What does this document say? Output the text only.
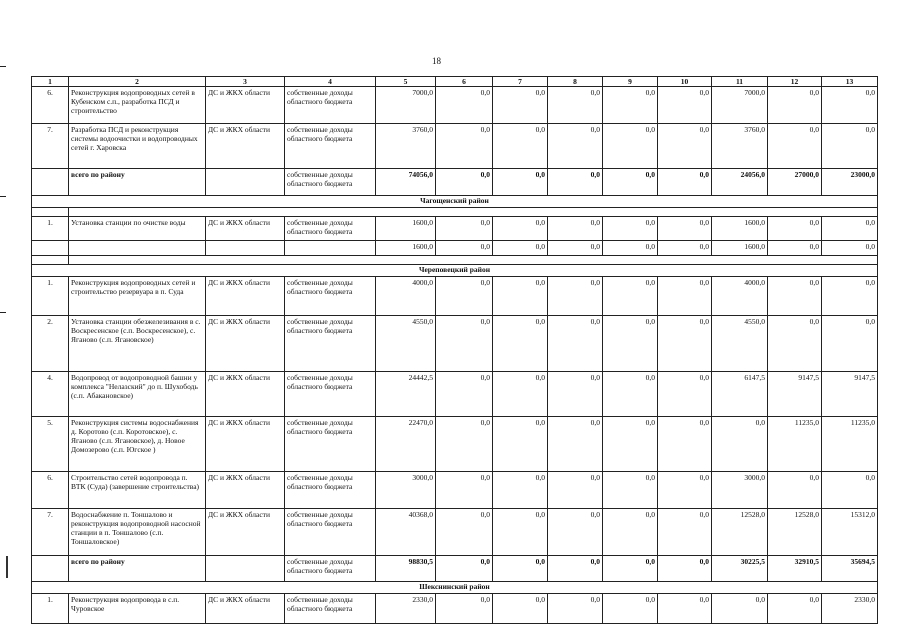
18
1	2	3	4	5	6	7	8	9	10	11	12	13
6.	Реконструкция водопроводных сетей в Кубенском с.п., разработка ПСД и строительство	ДС и ЖКХ области	собственные доходы областного бюджета	7000,0	0,0	0,0	0,0	0,0	0,0	7000,0	0,0	0,0
7.	Разработка ПСД и реконструкция системы водоочистки и водопроводных сетей г. Харовска	ДС и ЖКХ области	собственные доходы областного бюджета	3760,0	0,0	0,0	0,0	0,0	0,0	3760,0	0,0	0,0
	всего по району		собственные доходы областного бюджета	74056,0	0,0	0,0	0,0	0,0	0,0	24056,0	27000,0	23000,0
Чагощенский район												

1.	Установка станции по очистке воды	ДС и ЖКХ области	собственные доходы областного бюджета	1600,0	0,0	0,0	0,0	0,0	0,0	1600,0	0,0	0,0
				1600,0	0,0	0,0	0,0	0,0	0,0	1600,0	0,0	0,0

Череповецкий район												
1.	Реконструкция водопроводных сетей и строительство резервуара в п. Суда	ДС и ЖКХ области	собственные доходы областного бюджета	4000,0	0,0	0,0	0,0	0,0	0,0	4000,0	0,0	0,0
2.	Установка станции обезжелезивания в с. Воскресенское (с.п. Воскресенское), с. Яганово (с.п. Ягановское)	ДС и ЖКХ области	собственные доходы областного бюджета	4550,0	0,0	0,0	0,0	0,0	0,0	4550,0	0,0	0,0
4.	Водопровод от водопроводной башни у комплекса "Нелазский" до п. Шухободь (с.п. Абакановское)	ДС и ЖКХ области	собственные доходы областного бюджета	24442,5	0,0	0,0	0,0	0,0	0,0	6147,5	9147,5	9147,5
5.	Реконструкция системы водоснабжения д. Коротово (с.п. Коротовское), с. Яганово (с.п. Ягановское), д. Новое Домозерово (с.п. Югское )	ДС и ЖКХ области	собственные доходы областного бюджета	22470,0	0,0	0,0	0,0	0,0	0,0	0,0	11235,0	11235,0
6.	Строительство сетей водопровода п. ВТК (Суда) (завершение строительства)	ДС и ЖКХ области	собственные доходы областного бюджета	3000,0	0,0	0,0	0,0	0,0	0,0	3000,0	0,0	0,0
7.	Водоснабжение п. Тоншалово и реконструкция водопроводной насосной станции в п. Тоншалово (с.п. Тоншаловское)	ДС и ЖКХ области	собственные доходы областного бюджета	40368,0	0,0	0,0	0,0	0,0	0,0	12528,0	12528,0	15312,0
	всего по району		собственные доходы областного бюджета	98830,5	0,0	0,0	0,0	0,0	0,0	30225,5	32910,5	35694,5
Шекснинский район												
1.	Реконструкция водопровода в с.п. Чуровское	ДС и ЖКХ области	собственные доходы областного бюджета	2330,0	0,0	0,0	0,0	0,0	0,0	0,0	0,0	2330,0
